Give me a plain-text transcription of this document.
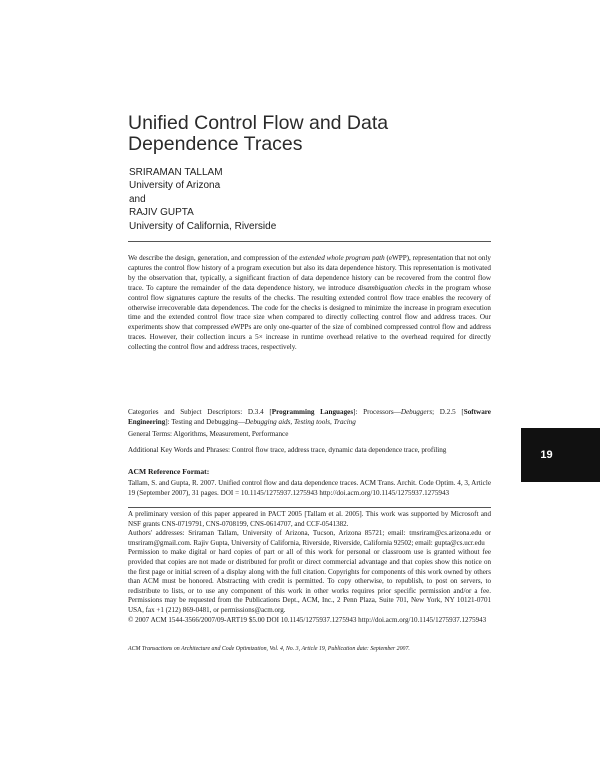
Unified Control Flow and Data
Dependence Traces
SRIRAMAN TALLAM
University of Arizona
and
RAJIV GUPTA
University of California, Riverside

We describe the design, generation, and compression of the extended whole program path (eWPP), representation that not only captures the control flow history of a program execution but also its data dependence history. This representation is motivated by the observation that, typically, a significant fraction of data dependence history can be recovered from the control flow trace. To capture the remainder of the data dependence history, we introduce disambiguation checks in the program whose control flow signatures capture the results of the checks. The resulting extended control flow trace enables the recovery of otherwise irrecoverable data dependences. The code for the checks is designed to minimize the increase in program execution time and the extended control flow trace size when compared to directly collecting control flow and address traces. Our experiments show that compressed eWPPs are only one-quarter of the size of combined compressed control flow and address traces. However, their collection incurs a 5× increase in runtime overhead relative to the overhead required for directly collecting the control flow and address traces, respectively.

Categories and Subject Descriptors: D.3.4 [Programming Languages]: Processors—Debuggers; D.2.5 [Software Engineering]: Testing and Debugging—Debugging aids, Testing tools, Tracing
General Terms: Algorithms, Measurement, Performance
Additional Key Words and Phrases: Control flow trace, address trace, dynamic data dependence trace, profiling
ACM Reference Format:
Tallam, S. and Gupta, R. 2007. Unified control flow and data dependence traces. ACM Trans. Archit. Code Optim. 4, 3, Article 19 (September 2007), 31 pages. DOI = 10.1145/1275937.1275943 http://doi.acm.org/10.1145/1275937.1275943

A preliminary version of this paper appeared in PACT 2005 [Tallam et al. 2005]. This work was supported by Microsoft and NSF grants CNS-0719791, CNS-0708199, CNS-0614707, and CCF-0541382.

Authors' addresses: Sriraman Tallam, University of Arizona, Tucson, Arizona 85721; email: tmsriram@cs.arizona.edu or tmsriram@gmail.com. Rajiv Gupta, University of California, Riverside, Riverside, California 92502; email: gupta@cs.ucr.edu

Permission to make digital or hard copies of part or all of this work for personal or classroom use is granted without fee provided that copies are not made or distributed for profit or direct commercial advantage and that copies show this notice on the first page or initial screen of a display along with the full citation. Copyrights for components of this work owned by others than ACM must be honored. Abstracting with credit is permitted. To copy otherwise, to republish, to post on servers, to redistribute to lists, or to use any component of this work in other works requires prior specific permission and/or a fee. Permissions may be requested from the Publications Dept., ACM, Inc., 2 Penn Plaza, Suite 701, New York, NY 10121-0701 USA, fax +1 (212) 869-0481, or permissions@acm.org.

© 2007 ACM 1544-3566/2007/09-ART19 $5.00 DOI 10.1145/1275937.1275943 http://doi.acm.org/10.1145/1275937.1275943

ACM Transactions on Architecture and Code Optimization, Vol. 4, No. 3, Article 19, Publication date: September 2007.
19
